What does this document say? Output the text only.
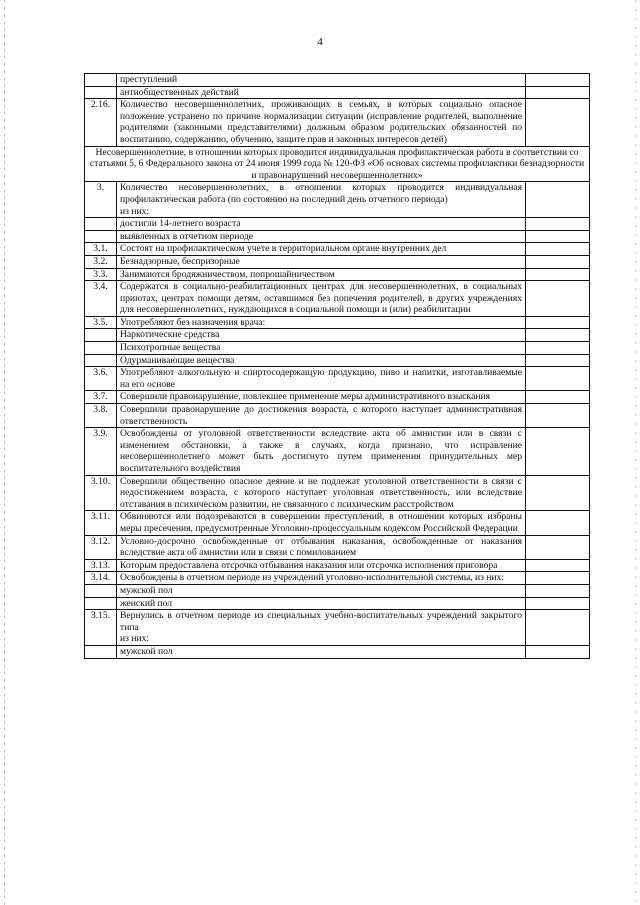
4
	преступлений	
	антиобщественных действий	
2.16.	Количество несовершеннолетних, проживающих в семьях, в которых социально опасное положение устранено по причине нормализации ситуации (исправление родителей, выполнение родителями (законными представителями) должным образом родительских обязанностей по воспитанию, содержанию, обучению, защите прав и законных интересов детей)	
Несовершеннолетние, в отношении которых проводится индивидуальная профилактическая работа в соответствии со статьями 5, 6 Федерального закона от 24 июня 1999 года № 120-ФЗ «Об основах системы профилактики безнадзорности и правонарушений несовершеннолетних»		
3.	Количество несовершеннолетних, в отношении которых проводится индивидуальная профилактическая работа (по состоянию на последний день отчетного периода)
из них:	

	достигли 14-летнего возраста	
	выявленных в отчетном периоде	
3.1.	Состоят на профилактическом учете в территориальном органе внутренних дел	
3.2.	Безнадзорные, беспризорные	
3.3.	Занимаются бродяжничеством, попрошайничеством	
3.4.	Содержатся в социально-реабилитационных центрах для несовершеннолетних, в социальных приютах, центрах помощи детям, оставшимся без попечения родителей, в других учреждениях для несовершеннолетних, нуждающихся в социальной помощи и (или) реабилитации	
3.5.	Употребляют без назначения врача:	
	Наркотические средства	
	Психотропные вещества	
	Одурманивающие вещества	
3.6.	Употребляют алкогольную и спиртосодержащую продукцию, пиво и напитки, изготавливаемые на его основе	
3.7.	Совершили правонарушение, повлекшее применение меры административного взыскания	
3.8.	Совершили правонарушение до достижения возраста, с которого наступает административная ответственность	
3.9.	Освобождены от уголовной ответственности вследствие акта об амнистии или в связи с изменением обстановки, а также в случаях, когда признано, что исправление несовершеннолетнего может быть достигнуто путем применения принудительных мер воспитательного воздействия	
3.10.	Совершили общественно опасное деяние и не подлежат уголовной ответственности в связи с недостижением возраста, с которого наступает уголовная ответственность, или вследствие отставания в психическом развитии, не связанного с психическим расстройством	
3.11.	Обвиняются или подозреваются в совершении преступлений, в отношении которых избраны меры пресечения, предусмотренные Уголовно-процессуальным кодексом Российской Федерации	
3.12.	Условно-досрочно освобожденные от отбывания наказания, освобожденные от наказания вследствие акта об амнистии или в связи с помилованием	
3.13.	Которым предоставлена отсрочка отбывания наказания или отсрочка исполнения приговора	
3.14.	Освобождены в отчетном периоде из учреждений уголовно-исполнительной системы, из них:	
	мужской пол	
	женский пол	
3.15.	Вернулись в отчетном периоде из специальных учебно-воспитательных учреждений закрытого типа
из них:	

	мужской пол	
